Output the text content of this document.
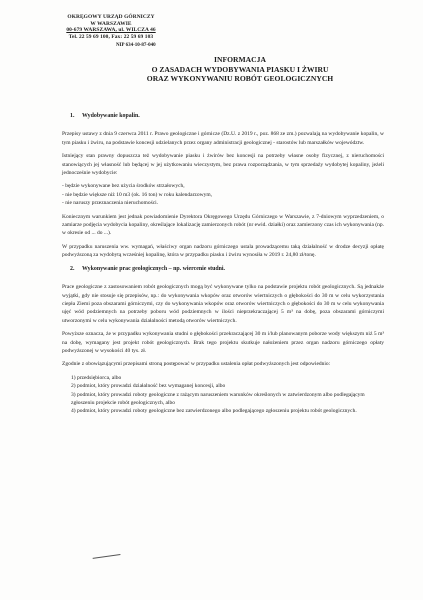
OKRĘGOWY URZĄD GÓRNICZY
W WARSZAWIE
00-679 WARSZAWA, ul. WILCZA 46
Tel. 22 59 69 100, Fax: 22 59 69 103
NIP 634-10-87-040
INFORMACJA
O ZASADACH WYDOBYWANIA PIASKU I ŻWIRU
ORAZ WYKONYWANIU ROBÓT GEOLOGICZNYCH
1. Wydobywanie kopalin.

Przepisy ustawy z dnia 9 czerwca 2011 r. Prawo geologiczne i górnicze (Dz.U. z 2019 r., poz. 868 ze zm.) pozwalają na wydobywanie kopalin, w tym piasku i żwiru, na podstawie koncesji udzielanych przez organy administracji geologicznej - starostów lub marszałków województw.

Istniejący stan prawny dopuszcza też wydobywanie piasku i żwirów bez koncesji na potrzeby własne osoby fizycznej, z nieruchomości stanowiących jej własność lub będącej w jej użytkowaniu wieczystym, bez prawa rozporządzania, w tym sprzedaży wydobytej kopaliny, jeżeli jednocześnie wydobycie:

- będzie wykonywane bez użycia środków strzałowych,

- nie będzie większe niż 10 m3 (ok. 16 ton) w roku kalendarzowym,

- nie naruszy przeznaczenia nieruchomości.

Koniecznym warunkiem jest jednak powiadomienie Dyrektora Okręgowego Urzędu Górniczego w Warszawie, z 7-dniowym wyprzedzeniem, o zamiarze podjęcia wydobycia kopaliny, określające lokalizację zamierzonych robót (nr ewid. działki) oraz zamierzony czas ich wykonywania (np. w okresie od ... do ...).

W przypadku naruszenia ww. wymagań, właściwy organ nadzoru górniczego ustala prowadzącemu taką działalność w drodze decyzji opłatę podwyższoną za wydobytą wcześniej kopalinę, która w przypadku piasku i żwiru wynosiła w 2019 r. 24,80 zł/tonę.

2. Wykonywanie prac geologicznych – np. wiercenie studni.

Prace geologiczne z zastosowaniem robót geologicznych mogą być wykonywane tylko na podstawie projektu robót geologicznych. Są jednakże wyjątki, gdy nie stosuje się przepisów, np.: do wykonywania wkopów oraz otworów wiertniczych o głębokości do 30 m w celu wykorzystania ciepła Ziemi poza obszarami górniczymi, czy do wykonywania wkopów oraz otworów wiertniczych o głębokości do 30 m w celu wykonywania ujęć wód podziemnych na potrzeby poboru wód podziemnych w ilości nieprzekraczającej 5 m³ na dobę, poza obszarami górniczymi utworzonymi w celu wykonywania działalności metodą otworów wiertniczych.

Powyższe oznacza, że w przypadku wykonywania studni o głębokości przekraczającej 30 m i/lub planowanym poborze wody większym niż 5 m³ na dobę, wymagany jest projekt robót geologicznych. Brak tego projektu skutkuje nałożeniem przez organ nadzoru górniczego opłaty podwyższonej w wysokości 40 tys. zł.

Zgodnie z obowiązującymi przepisami stroną postępować w przypadku ustalenia opłat podwyższonych jest odpowiednio:

1) przedsiębiorca, albo

2) podmiot, który prowadzi działalność bez wymaganej koncesji, albo

3) podmiot, który prowadzi roboty geologiczne z rażącym naruszeniem warunków określonych w zatwierdzonym albo podlegającym zgłoszeniu projekcie robót geologicznych, albo

4) podmiot, który prowadzi roboty geologiczne bez zatwierdzonego albo podlegającego zgłoszeniu projektu robót geologicznych.
